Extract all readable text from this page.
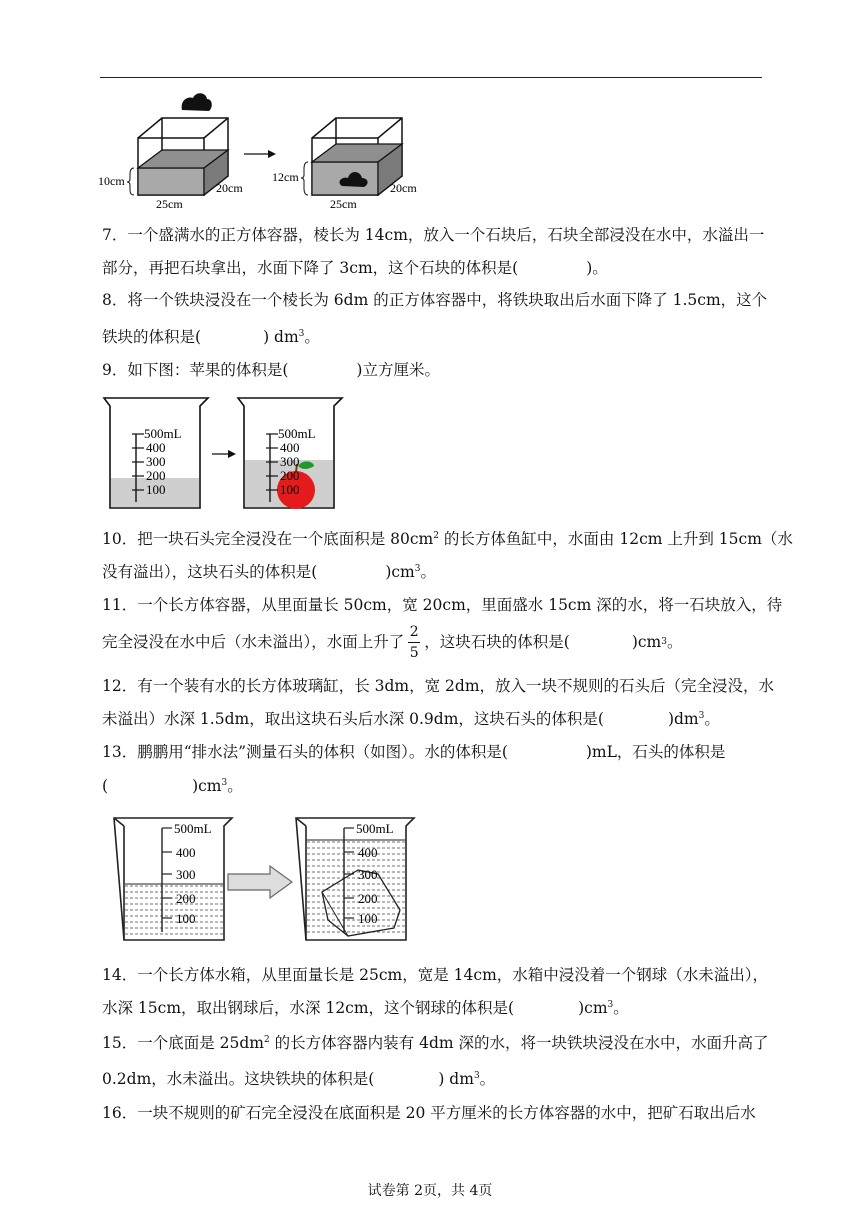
10cm	20cm
25cm
12cm
20cm
25cm
7．一个盛满水的正方体容器，棱长为 14cm，放入一个石块后，石块全部浸没在水中，水溢出一
部分，再把石块拿出，水面下降了 3cm，这个石块的体积是(	)。
8．将一个铁块浸没在一个棱长为 6dm 的正方体容器中，将铁块取出后水面下降了 1.5cm，这个
铁块的体积是(	) $dm^3$。
9．如下图：苹果的体积是(	)立方厘米。
500mL
400
300
200
100
500mL
400
300
200
100
10．把一块石头完全浸没在一个底面积是 $80cm^2$ 的长方体鱼缸中，水面由 12cm 上升到 15cm（水
没有溢出），这块石头的体积是(	)$cm^3$。
11．一个长方体容器，从里面量长 50cm，宽 20cm，里面盛水 15cm 深的水，将一石块放入，待
完全浸没在水中后（水未溢出），水面上升了 $\frac{2}{5}$ ，这块石块的体积是(	)cm 3 。
12．有一个装有水的长方体玻璃缸，长 3dm，宽 2dm，放入一块不规则的石头后（完全浸没，水
未溢出）水深 1.5dm，取出这块石头后水深 0.9dm，这块石头的体积是(	)$dm^3$。
13．鹏鹏用“排水法”测量石头的体积（如图）。水的体积是(	)mL，石头的体积是
(	)$cm^3$。
500mL
400
300
200
100
500mL
400
300
200
100
14．一个长方体水箱，从里面量长是 25cm，宽是 14cm，水箱中浸没着一个钢球（水未溢出），
水深 15cm，取出钢球后，水深 12cm，这个钢球的体积是(	)$cm^3$。
15．一个底面是 $25dm^2$ 的长方体容器内装有 4dm 深的水，将一块铁块浸没在水中，水面升高了
0.2dm，水未溢出。这块铁块的体积是(	) $dm^3$。
16．一块不规则的矿石完全浸没在底面积是 20 平方厘米的长方体容器的水中，把矿石取出后水
试卷第 2页，共 4页
